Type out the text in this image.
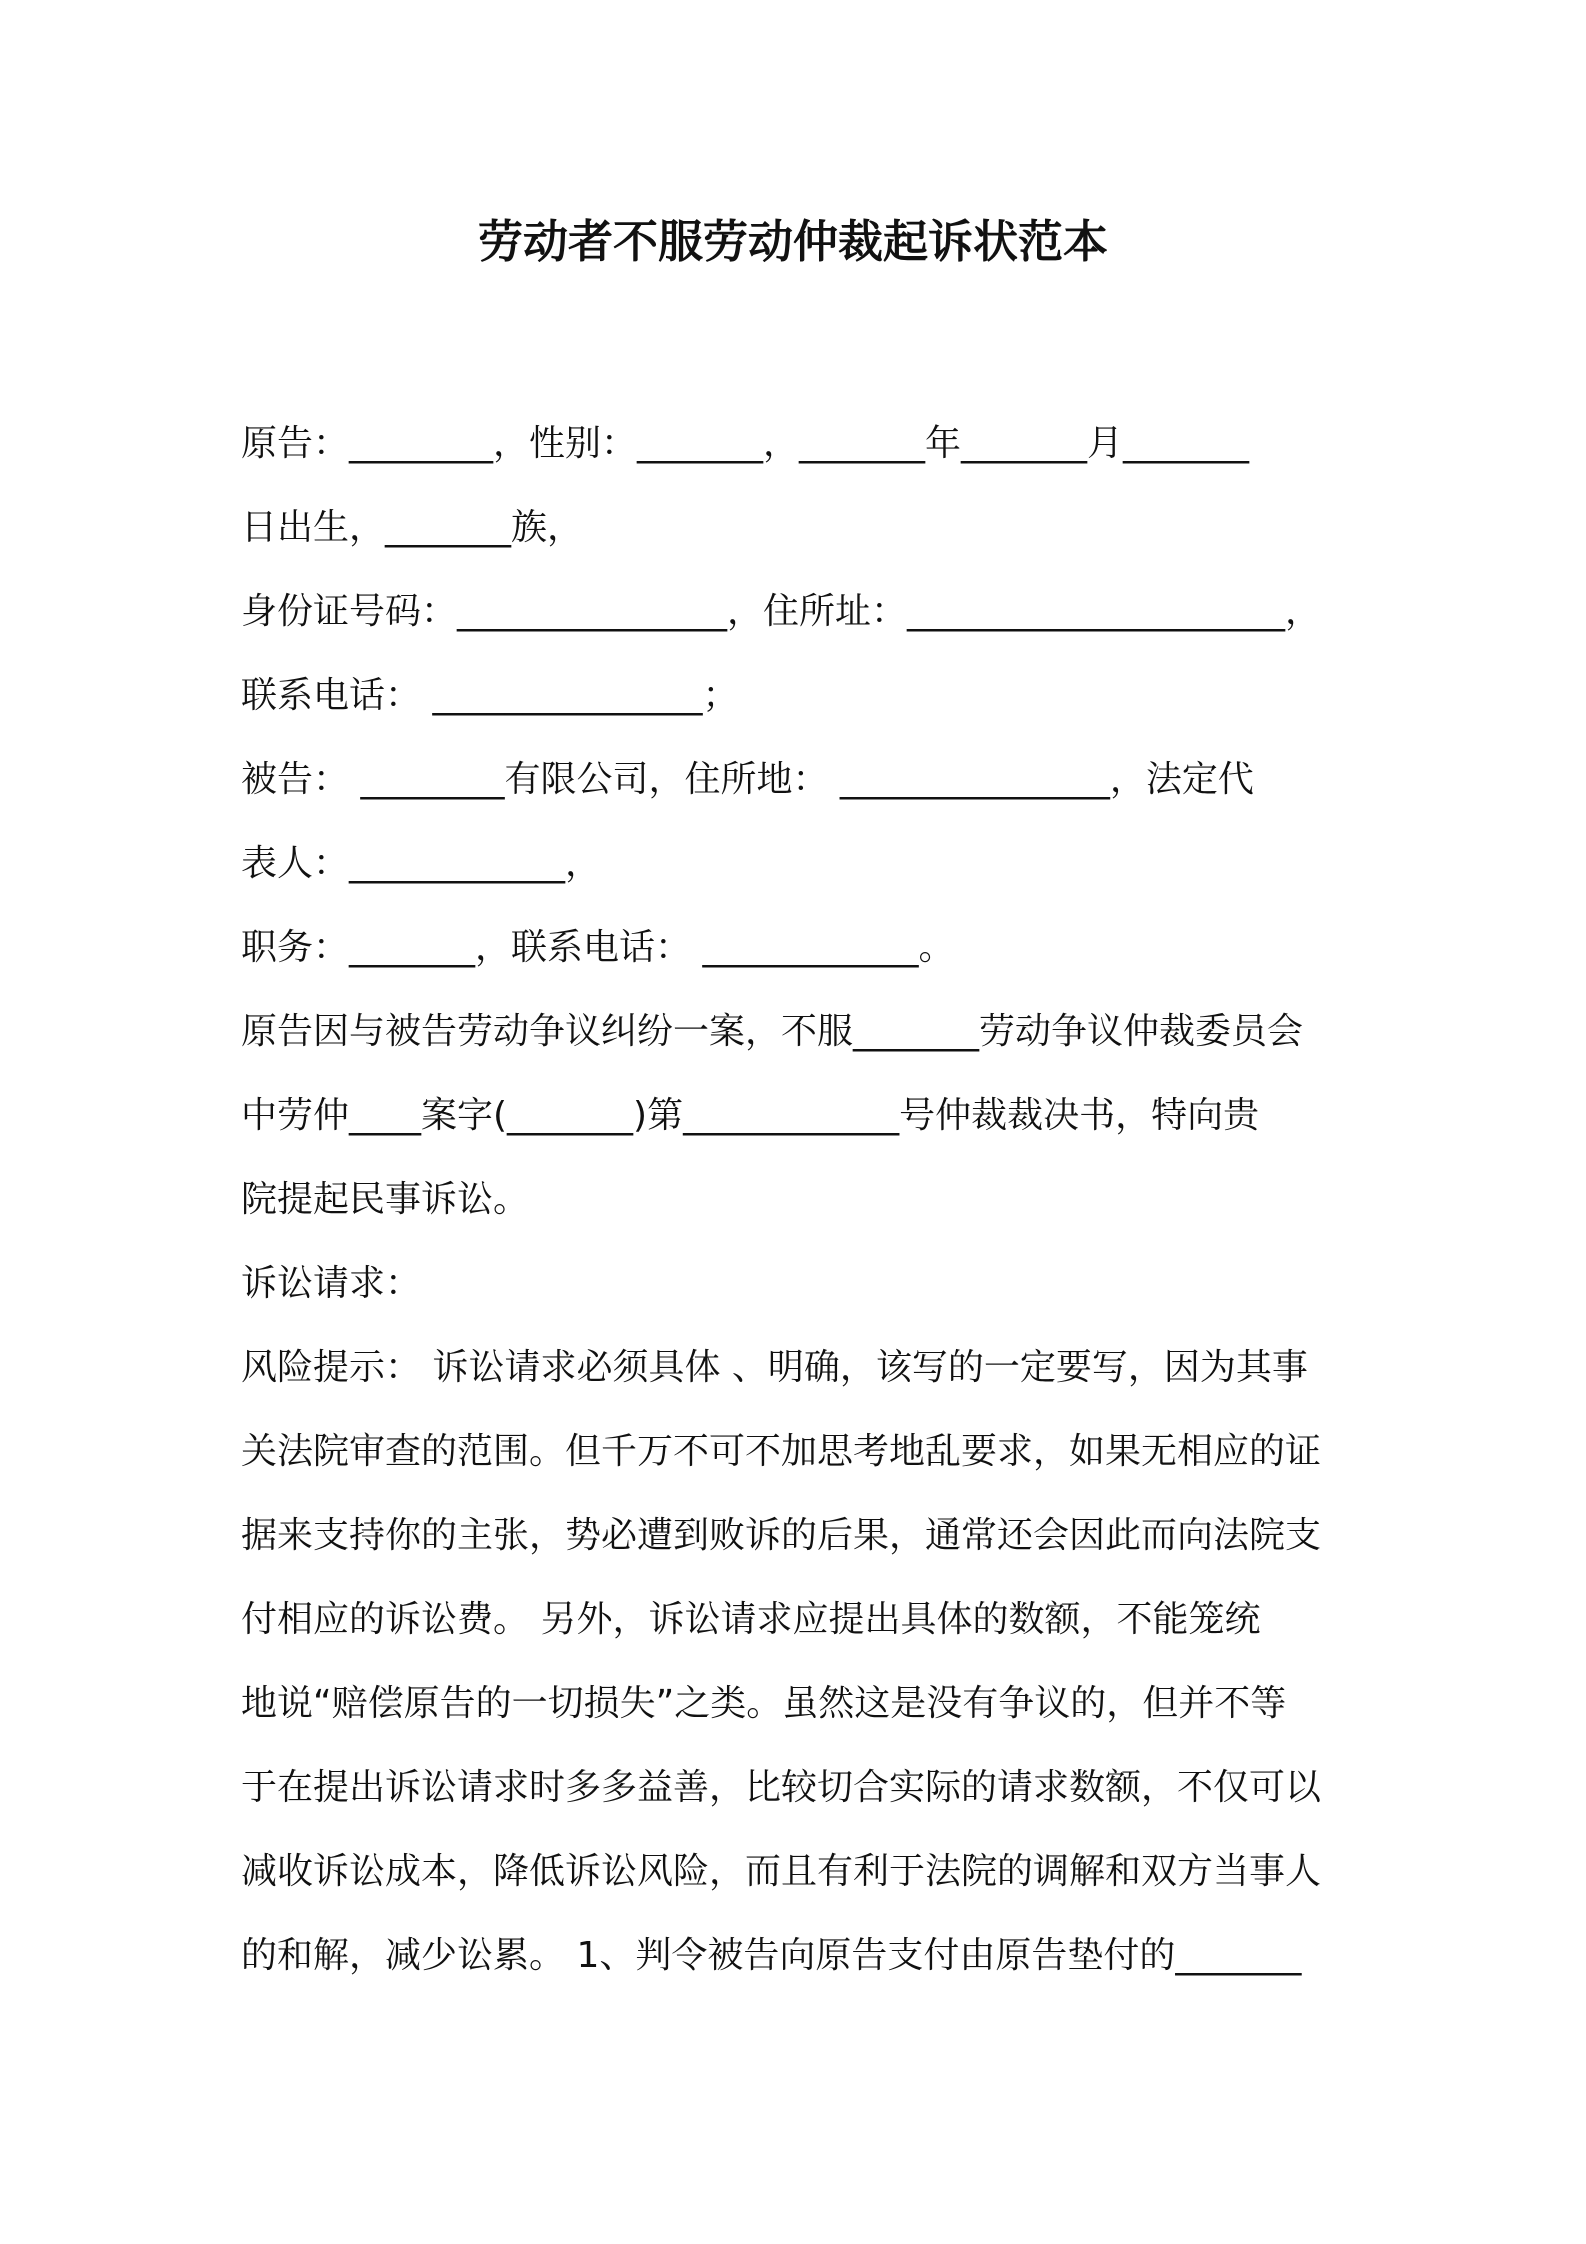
劳动者不服劳动仲裁起诉状范本
原告：________，性别：_______，_______年_______月_______
日出生，_______族，
身份证号码：_______________，住所址：_____________________，
联系电话： _______________；
被告： ________有限公司，住所地： _______________，法定代
表人：____________，
职务：_______，联系电话： ____________。
原告因与被告劳动争议纠纷一案，不服_______劳动争议仲裁委员会
中劳仲____案字(_______)第____________号仲裁裁决书，特向贵
院提起民事诉讼。
诉讼请求：
风险提示： 诉讼请求必须具体 、明确，该写的一定要写，因为其事
关法院审查的范围。但千万不可不加思考地乱要求，如果无相应的证
据来支持你的主张，势必遭到败诉的后果，通常还会因此而向法院支
付相应的诉讼费。 另外，诉讼请求应提出具体的数额，不能笼统
地说“赔偿原告的一切损失”之类。虽然这是没有争议的，但并不等
于在提出诉讼请求时多多益善，比较切合实际的请求数额，不仅可以
减收诉讼成本，降低诉讼风险，而且有利于法院的调解和双方当事人
的和解，减少讼累。 1、判令被告向原告支付由原告垫付的_______
